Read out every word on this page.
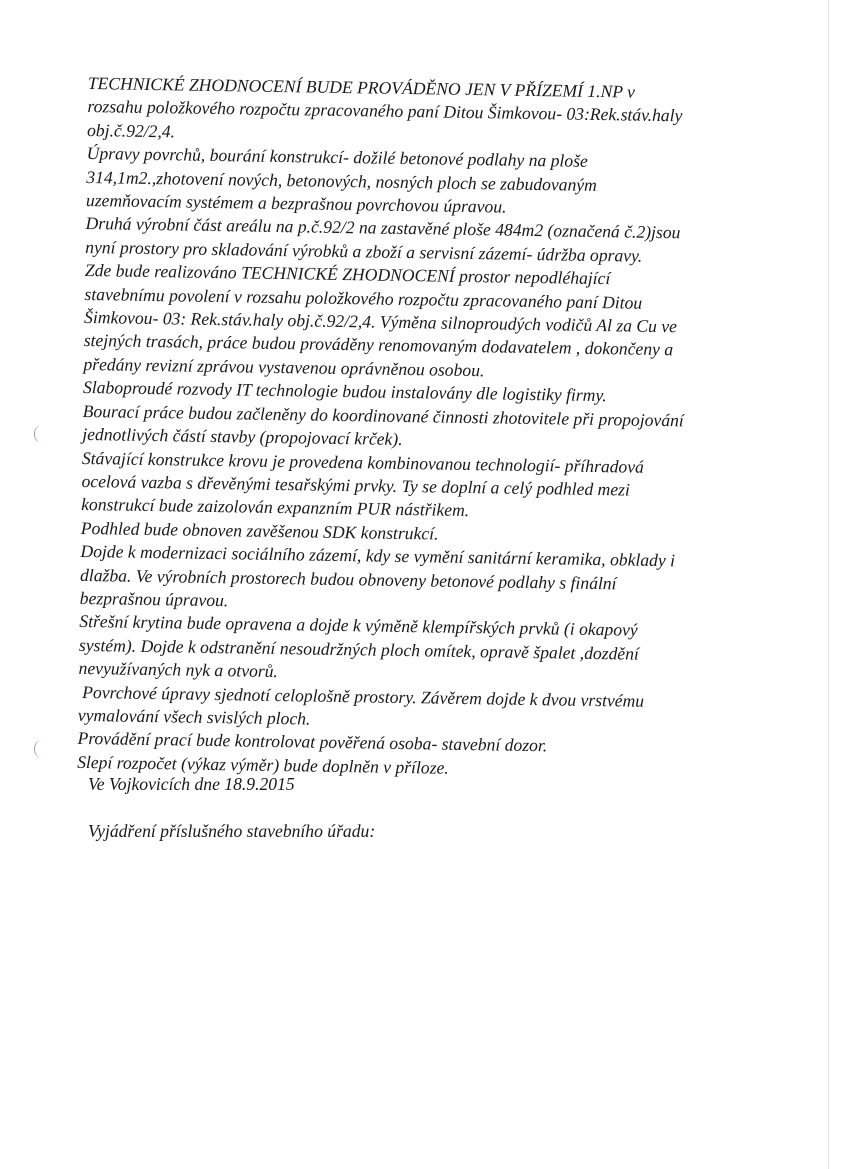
TECHNICKÉ ZHODNOCENÍ BUDE PROVÁDĚNO JEN V PŘÍZEMÍ 1.NP v
rozsahu položkového rozpočtu zpracovaného paní Ditou Šimkovou- 03:Rek.stáv.haly
obj.č.92/2,4.
Úpravy povrchů, bourání konstrukcí- dožilé betonové podlahy na ploše
314,1m2.,zhotovení nových, betonových, nosných ploch se zabudovaným
uzemňovacím systémem a bezprašnou povrchovou úpravou.
Druhá výrobní část areálu na p.č.92/2 na zastavěné ploše 484m2 (označená č.2)jsou
nyní prostory pro skladování výrobků a zboží a servisní zázemí- údržba opravy.
Zde bude realizováno TECHNICKÉ ZHODNOCENÍ prostor nepodléhající
stavebnímu povolení v rozsahu položkového rozpočtu zpracovaného paní Ditou
Šimkovou- 03: Rek.stáv.haly obj.č.92/2,4. Výměna silnoproudých vodičů Al za Cu ve
stejných trasách, práce budou prováděny renomovaným dodavatelem , dokončeny a
předány revizní zprávou vystavenou oprávněnou osobou.
Slaboproudé rozvody IT technologie budou instalovány dle logistiky firmy.
Bourací práce budou začleněny do koordinované činnosti zhotovitele při propojování
jednotlivých částí stavby (propojovací krček).
Stávající konstrukce krovu je provedena kombinovanou technologií- příhradová
ocelová vazba s dřevěnými tesařskými prvky. Ty se doplní a celý podhled mezi
konstrukcí bude zaizolován expanzním PUR nástřikem.
Podhled bude obnoven zavěšenou SDK konstrukcí.
Dojde k modernizaci sociálního zázemí, kdy se vymění sanitární keramika, obklady i
dlažba. Ve výrobních prostorech budou obnoveny betonové podlahy s finální
bezprašnou úpravou.
Střešní krytina bude opravena a dojde k výměně klempířských prvků (i okapový
systém). Dojde k odstranění nesoudržných ploch omítek, opravě špalet ,dozdění
nevyužívaných nyk a otvorů.
Povrchové úpravy sjednotí celoplošně prostory. Závěrem dojde k dvou vrstvému
vymalování všech svislých ploch.
Provádění prací bude kontrolovat pověřená osoba- stavební dozor.
Slepí rozpočet (výkaz výměr) bude doplněn v příloze.
Ve Vojkovicích dne 18.9.2015
Vyjádření příslušného stavebního úřadu:
